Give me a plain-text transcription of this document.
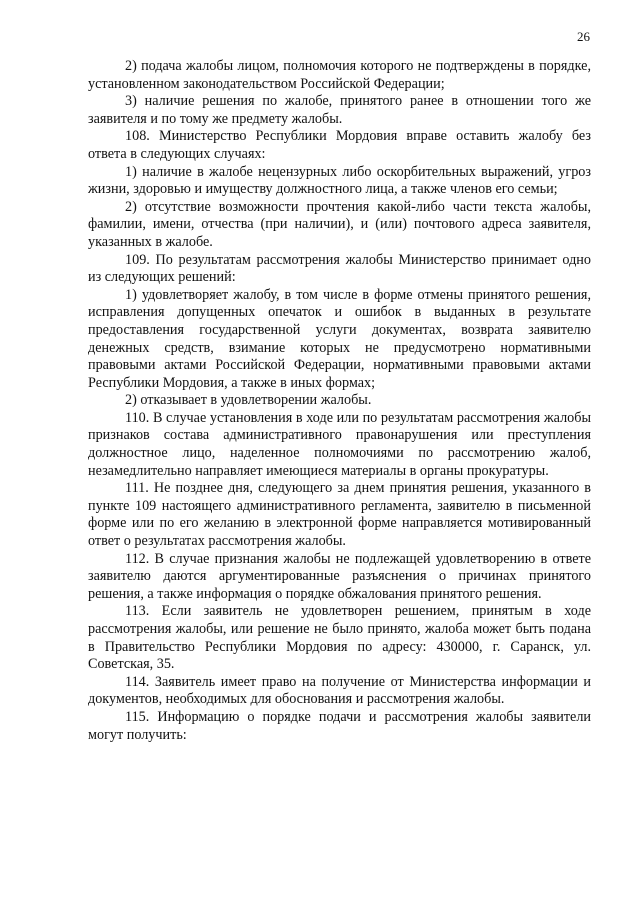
26

2) подача жалобы лицом, полномочия которого не подтверждены в порядке, установленном законодательством Российской Федерации;

3) наличие решения по жалобе, принятого ранее в отношении того же заявителя и по тому же предмету жалобы.

108. Министерство Республики Мордовия вправе оставить жалобу без ответа в следующих случаях:

1) наличие в жалобе нецензурных либо оскорбительных выражений, угроз жизни, здоровью и имуществу должностного лица, а также членов его семьи;

2) отсутствие возможности прочтения какой-либо части текста жалобы, фамилии, имени, отчества (при наличии), и (или) почтового адреса заявителя, указанных в жалобе.

109. По результатам рассмотрения жалобы Министерство принимает одно из следующих решений:

1) удовлетворяет жалобу, в том числе в форме отмены принятого решения, исправления допущенных опечаток и ошибок в выданных в результате предоставления государственной услуги документах, возврата заявителю денежных средств, взимание которых не предусмотрено нормативными правовыми актами Российской Федерации, нормативными правовыми актами Республики Мордовия, а также в иных формах;

2) отказывает в удовлетворении жалобы.

110. В случае установления в ходе или по результатам рассмотрения жалобы признаков состава административного правонарушения или преступления должностное лицо, наделенное полномочиями по рассмотрению жалоб, незамедлительно направляет имеющиеся материалы в органы прокуратуры.

111. Не позднее дня, следующего за днем принятия решения, указанного в пункте 109 настоящего административного регламента, заявителю в письменной форме или по его желанию в электронной форме направляется мотивированный ответ о результатах рассмотрения жалобы.

112. В случае признания жалобы не подлежащей удовлетворению в ответе заявителю даются аргументированные разъяснения о причинах принятого решения, а также информация о порядке обжалования принятого решения.

113. Если заявитель не удовлетворен решением, принятым в ходе рассмотрения жалобы, или решение не было принято, жалоба может быть подана в Правительство Республики Мордовия по адресу: 430000, г. Саранск, ул. Советская, 35.

114. Заявитель имеет право на получение от Министерства информации и документов, необходимых для обоснования и рассмотрения жалобы.

115. Информацию о порядке подачи и рассмотрения жалобы заявители могут получить:
